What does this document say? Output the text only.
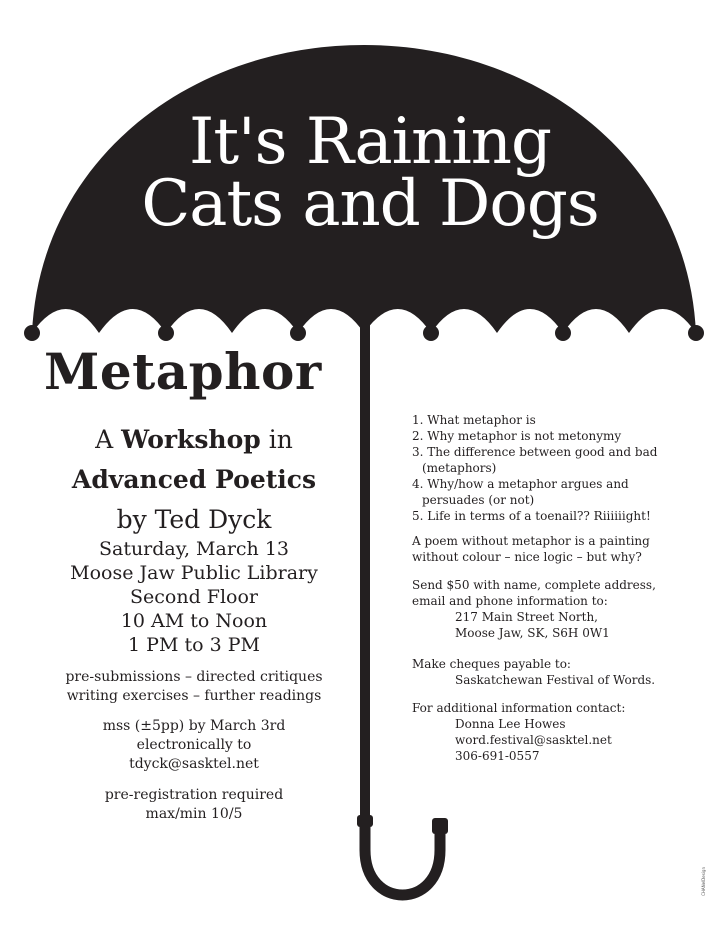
It's Raining
Cats and Dogs
Metaphor
A Workshop in
Advanced Poetics
by Ted Dyck
Saturday, March 13
Moose Jaw Public Library
Second Floor
10 AM to Noon
1 PM to 3 PM
pre-submissions – directed critiques
writing exercises – further readings
mss (±5pp) by March 3rd
electronically to
tdyck@sasktel.net
pre-registration required
max/min 10/5

1. What metaphor is

2. Why metaphor is not metonymy

3. The difference between good and bad (metaphors)

4. Why/how a metaphor argues and persuades (or not)

5. Life in terms of a toenail?? Riiiiiight!

A poem without metaphor is a painting without colour – nice logic – but why?

Send $50 with name, complete address, email and phone information to:

217 Main Street North,

Moose Jaw, SK, S6H 0W1

Make cheques payable to:

Saskatchewan Festival of Words.

For additional information contact:

Donna Lee Howes

word.festival@sasktel.net

306-691-0557

CHANelDesign
